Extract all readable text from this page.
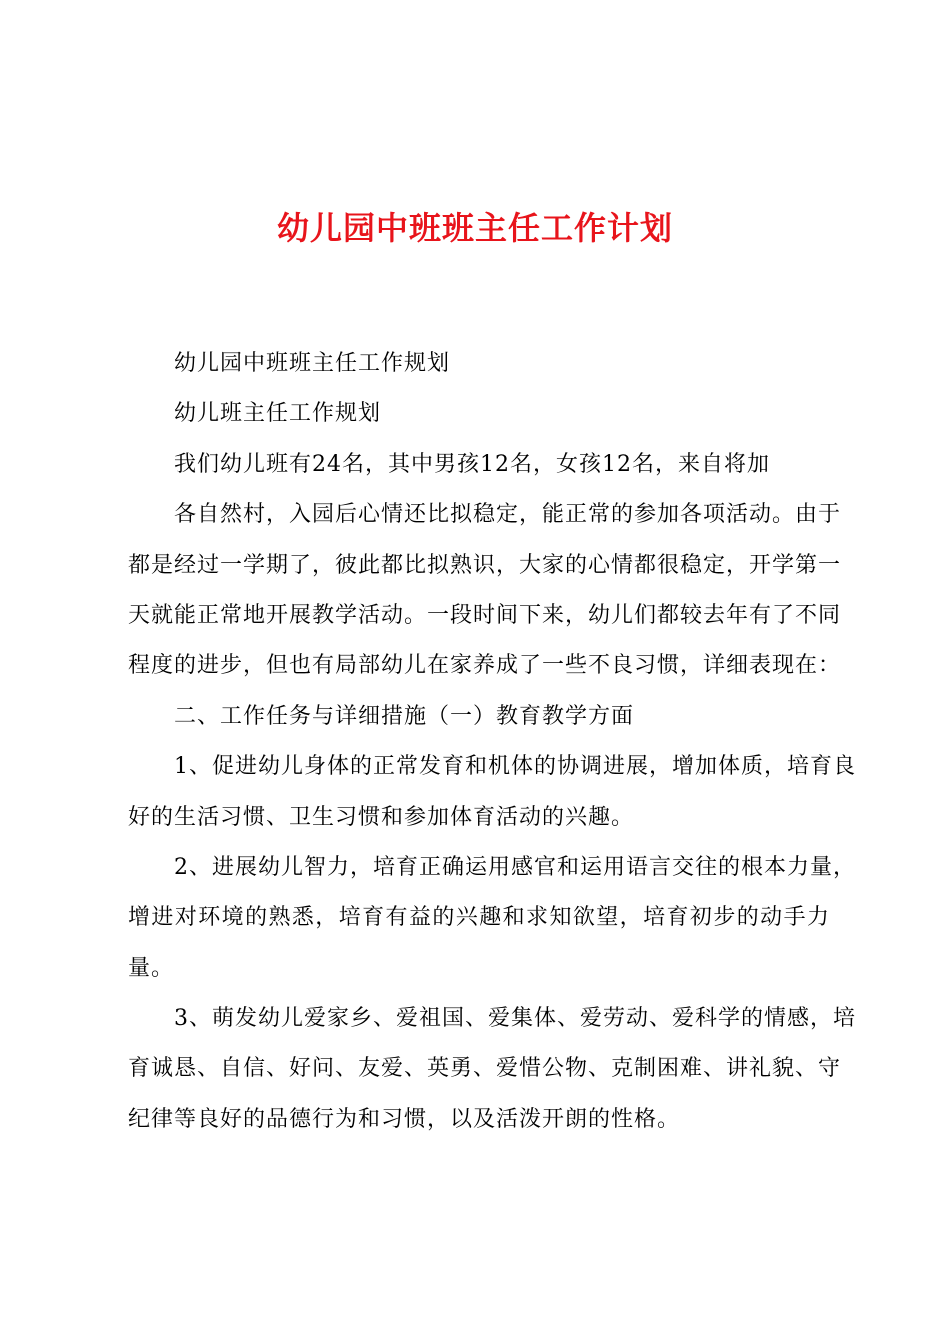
幼儿园中班班主任工作计划
幼儿园中班班主任工作规划
幼儿班主任工作规划
我们幼儿班有24名，其中男孩12名，女孩12名，来自将加
各自然村，入园后心情还比拟稳定，能正常的参加各项活动。由于
都是经过一学期了，彼此都比拟熟识，大家的心情都很稳定，开学第一
天就能正常地开展教学活动。一段时间下来，幼儿们都较去年有了不同
程度的进步，但也有局部幼儿在家养成了一些不良习惯，详细表现在：
二、工作任务与详细措施（一）教育教学方面
1、促进幼儿身体的正常发育和机体的协调进展，增加体质，培育良
好的生活习惯、卫生习惯和参加体育活动的兴趣。
2、进展幼儿智力，培育正确运用感官和运用语言交往的根本力量，
增进对环境的熟悉，培育有益的兴趣和求知欲望，培育初步的动手力
量。
3、萌发幼儿爱家乡、爱祖国、爱集体、爱劳动、爱科学的情感，培
育诚恳、自信、好问、友爱、英勇、爱惜公物、克制困难、讲礼貌、守
纪律等良好的品德行为和习惯，以及活泼开朗的性格。
